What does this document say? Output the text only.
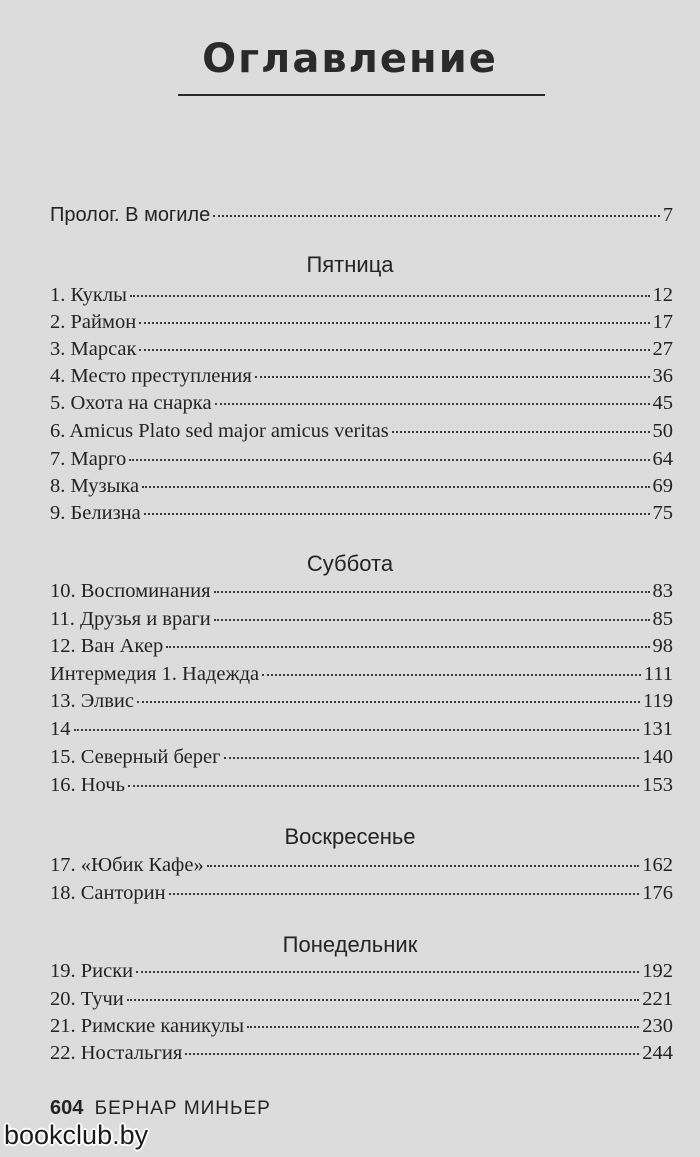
Оглавление
Пролог. В могиле	7
Пятница
1. Куклы	12
2. Раймон	17
3. Марсак	27
4. Место преступления	36
5. Охота на снарка	45
6. Amicus Plato sed major amicus veritas	50
7. Марго	64
8. Музыка	69
9. Белизна	75
Суббота
10. Воспоминания	83
11. Друзья и враги	85
12. Ван Акер	98
Интермедия 1. Надежда	111
13. Элвис	119
14	131
15. Северный берег	140
16. Ночь	153
Воскресенье
17. «Юбик Кафе»	162
18. Санторин	176
Понедельник
19. Риски	192
20. Тучи	221
21. Римские каникулы	230
22. Ностальгия	244
604 БЕРНАР МИНЬЕР
bookclub.by
